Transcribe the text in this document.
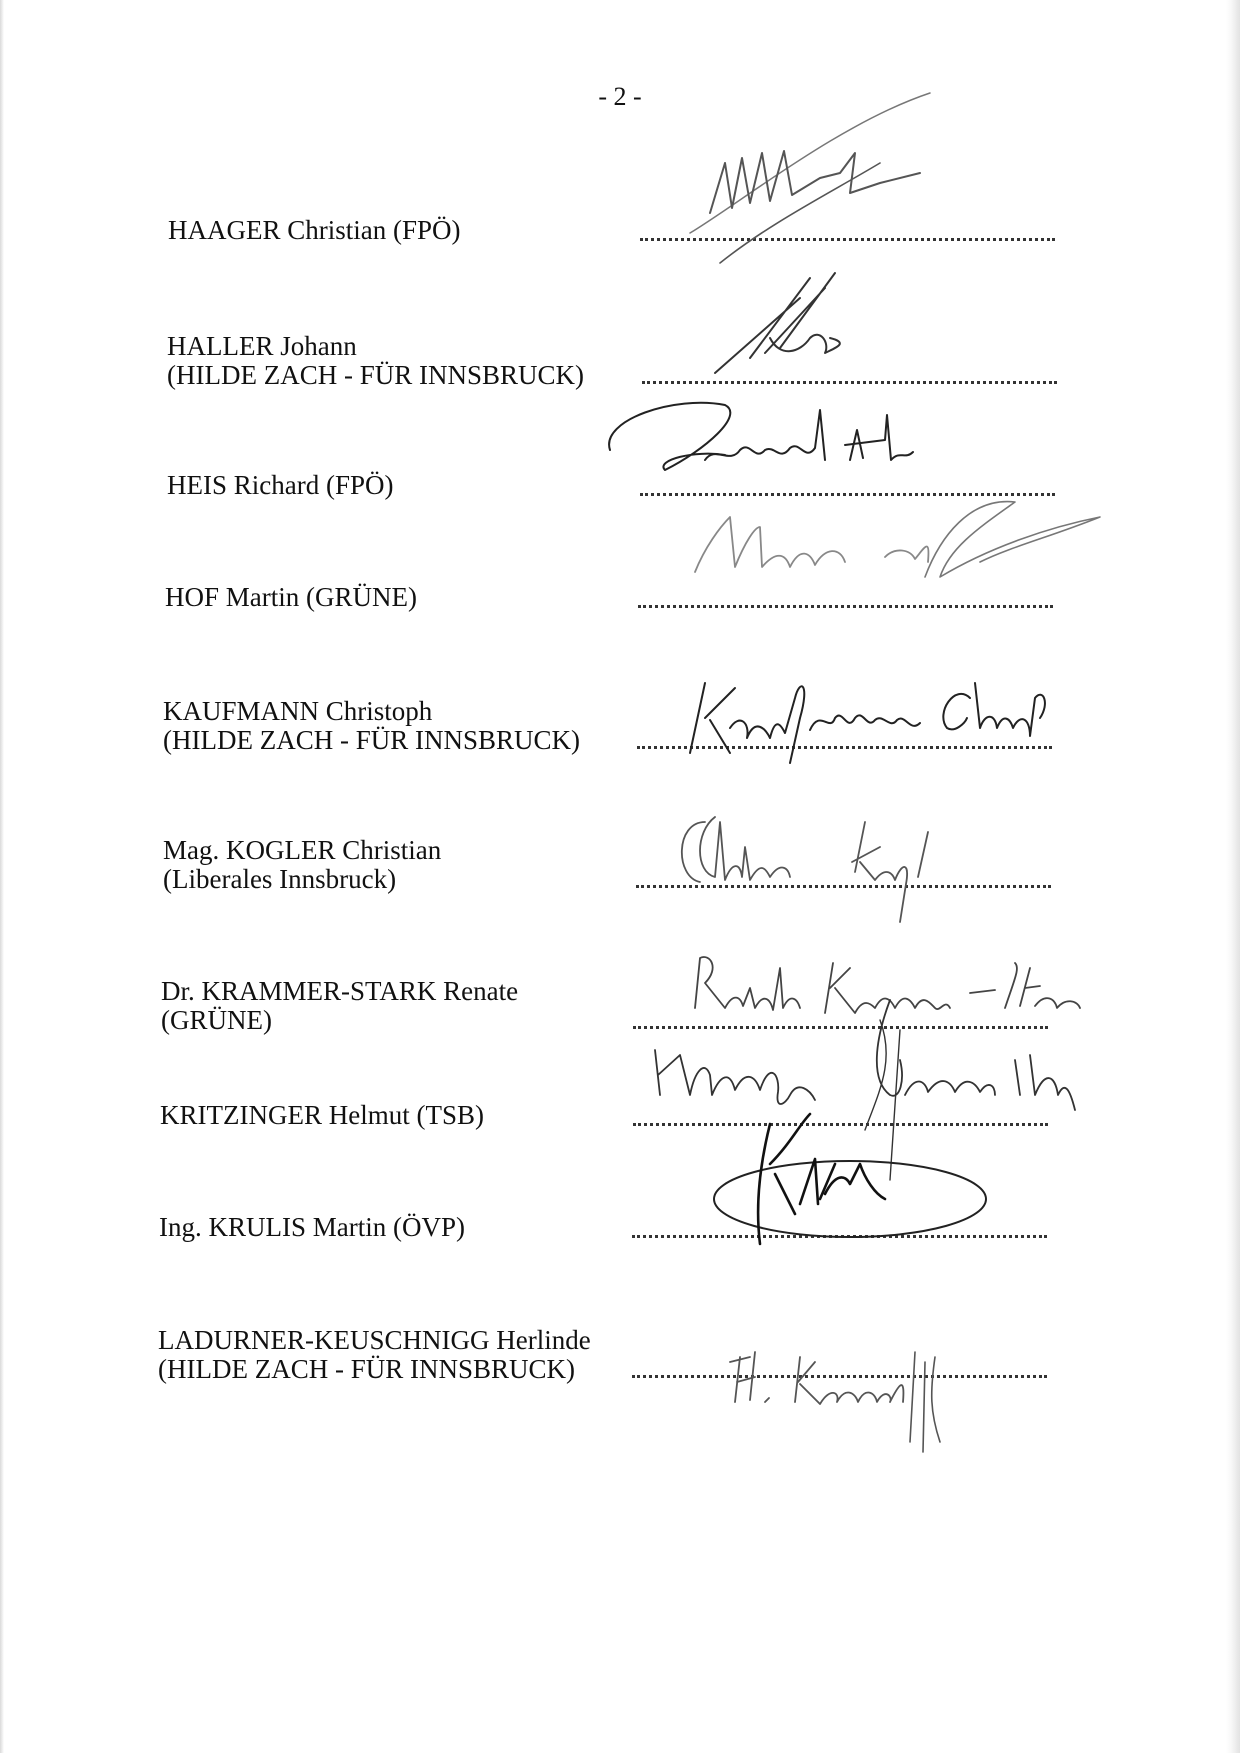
- 2 -
HAAGER Christian (FPÖ)
HALLER Johann
(HILDE ZACH - FÜR INNSBRUCK)
HEIS Richard (FPÖ)
HOF Martin (GRÜNE)
KAUFMANN Christoph
(HILDE ZACH - FÜR INNSBRUCK)
Mag. KOGLER Christian
(Liberales Innsbruck)
Dr. KRAMMER-STARK Renate
(GRÜNE)
KRITZINGER Helmut (TSB)
Ing. KRULIS Martin (ÖVP)
LADURNER-KEUSCHNIGG Herlinde
(HILDE ZACH - FÜR INNSBRUCK)
